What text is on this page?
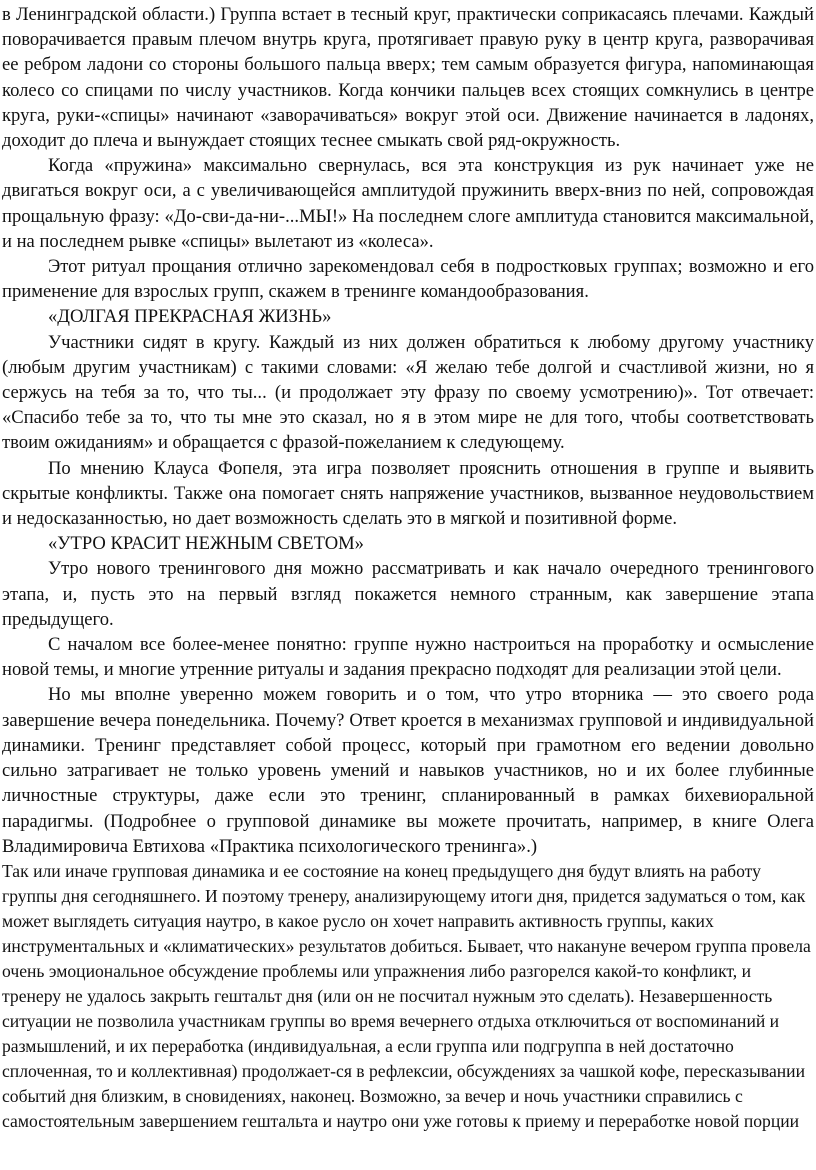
в Ленинградской области.) Группа встает в тесный круг, практически соприкасаясь плечами. Каждый поворачивается правым плечом внутрь круга, протягивает правую руку в центр круга, разворачивая ее ребром ладони со стороны большого пальца вверх; тем самым образуется фигура, напоминающая колесо со спицами по числу участников. Когда кончики пальцев всех стоящих сомкнулись в центре круга, руки-«спицы» начинают «заворачиваться» вокруг этой оси. Движение начинается в ладонях, доходит до плеча и вынуждает стоящих теснее смыкать свой ряд-окружность.

Когда «пружина» максимально свернулась, вся эта конструкция из рук начинает уже не двигаться вокруг оси, а с увеличивающейся амплитудой пружинить вверх-вниз по ней, сопровождая прощальную фразу: «До-сви-да-ни-...МЫ!» На последнем слоге амплитуда становится максимальной, и на последнем рывке «спицы» вылетают из «колеса».

Этот ритуал прощания отлично зарекомендовал себя в подростковых группах; возможно и его применение для взрослых групп, скажем в тренинге командообразования.

«ДОЛГАЯ ПРЕКРАСНАЯ ЖИЗНЬ»

Участники сидят в кругу. Каждый из них должен обратиться к любому другому участнику (любым другим участникам) с такими словами: «Я желаю тебе долгой и счастливой жизни, но я сержусь на тебя за то, что ты... (и продолжает эту фразу по своему усмотрению)». Тот отвечает: «Спасибо тебе за то, что ты мне это сказал, но я в этом мире не для того, чтобы соответствовать твоим ожиданиям» и обращается с фразой-пожеланием к следующему.

По мнению Клауса Фопеля, эта игра позволяет прояснить отношения в группе и выявить скрытые конфликты. Также она помогает снять напряжение участников, вызванное неудовольствием и недосказанностью, но дает возможность сделать это в мягкой и позитивной форме.

«УТРО КРАСИТ НЕЖНЫМ СВЕТОМ»

Утро нового тренингового дня можно рассматривать и как начало очередного тренингового этапа, и, пусть это на первый взгляд покажется немного странным, как завершение этапа предыдущего.

С началом все более-менее понятно: группе нужно настроиться на проработку и осмысление новой темы, и многие утренние ритуалы и задания прекрасно подходят для реализации этой цели.

Но мы вполне уверенно можем говорить и о том, что утро вторника — это своего рода завершение вечера понедельника. Почему? Ответ кроется в механизмах групповой и индивидуальной динамики. Тренинг представляет собой процесс, который при грамотном его ведении довольно сильно затрагивает не только уровень умений и навыков участников, но и их более глубинные личностные структуры, даже если это тренинг, спланированный в рамках бихевиоральной парадигмы. (Подробнее о групповой динамике вы можете прочитать, например, в книге Олега Владимировича Евтихова «Практика психологического тренинга».)

Так или иначе групповая динамика и ее состояние на конец предыдущего дня будут влиять на работу группы дня сегодняшнего. И поэтому тренеру, анализирующему итоги дня, придется задуматься о том, как может выглядеть ситуация наутро, в какое русло он хочет направить активность группы, каких инструментальных и «климатических» результатов добиться. Бывает, что накануне вечером группа провела очень эмоциональное обсуждение проблемы или упражнения либо разгорелся какой-то конфликт, и тренеру не удалось закрыть гештальт дня (или он не посчитал нужным это сделать). Незавершенность ситуации не позволила участникам группы во время вечернего отдыха отключиться от воспоминаний и размышлений, и их переработка (индивидуальная, а если группа или подгруппа в ней достаточно сплоченная, то и коллективная) продолжает-ся в рефлексии, обсуждениях за чашкой кофе, пересказывании событий дня близким, в сновидениях, наконец. Возможно, за вечер и ночь участники справились с самостоятельным завершением гештальта и наутро они уже готовы к приему и переработке новой порции
